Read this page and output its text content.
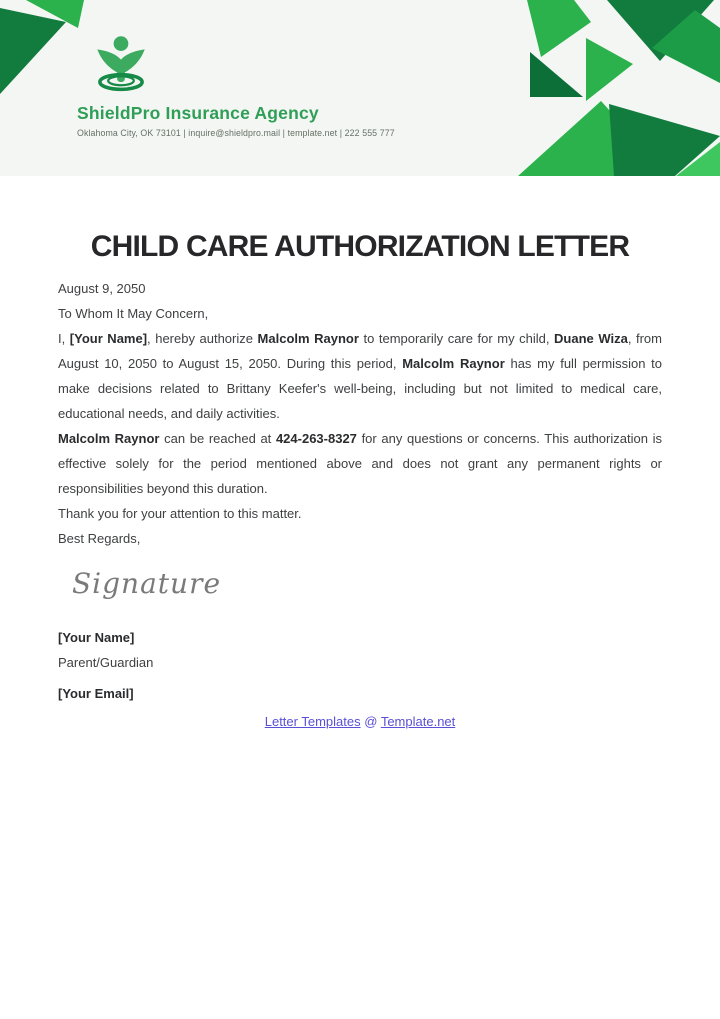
ShieldPro Insurance Agency
Oklahoma City, OK 73101 | inquire@shieldpro.mail | template.net | 222 555 777
CHILD CARE AUTHORIZATION LETTER
August 9, 2050
To Whom It May Concern,

I, [Your Name], hereby authorize Malcolm Raynor to temporarily care for my child, Duane Wiza, from August 10, 2050 to August 15, 2050. During this period, Malcolm Raynor has my full permission to make decisions related to Brittany Keefer's well-being, including but not limited to medical care, educational needs, and daily activities.

Malcolm Raynor can be reached at 424-263-8327 for any questions or concerns. This authorization is effective solely for the period mentioned above and does not grant any permanent rights or responsibilities beyond this duration.

Thank you for your attention to this matter.
Best Regards,
Signature
[Your Name]
Parent/Guardian
[Your Email]
Letter Templates @ Template.net
